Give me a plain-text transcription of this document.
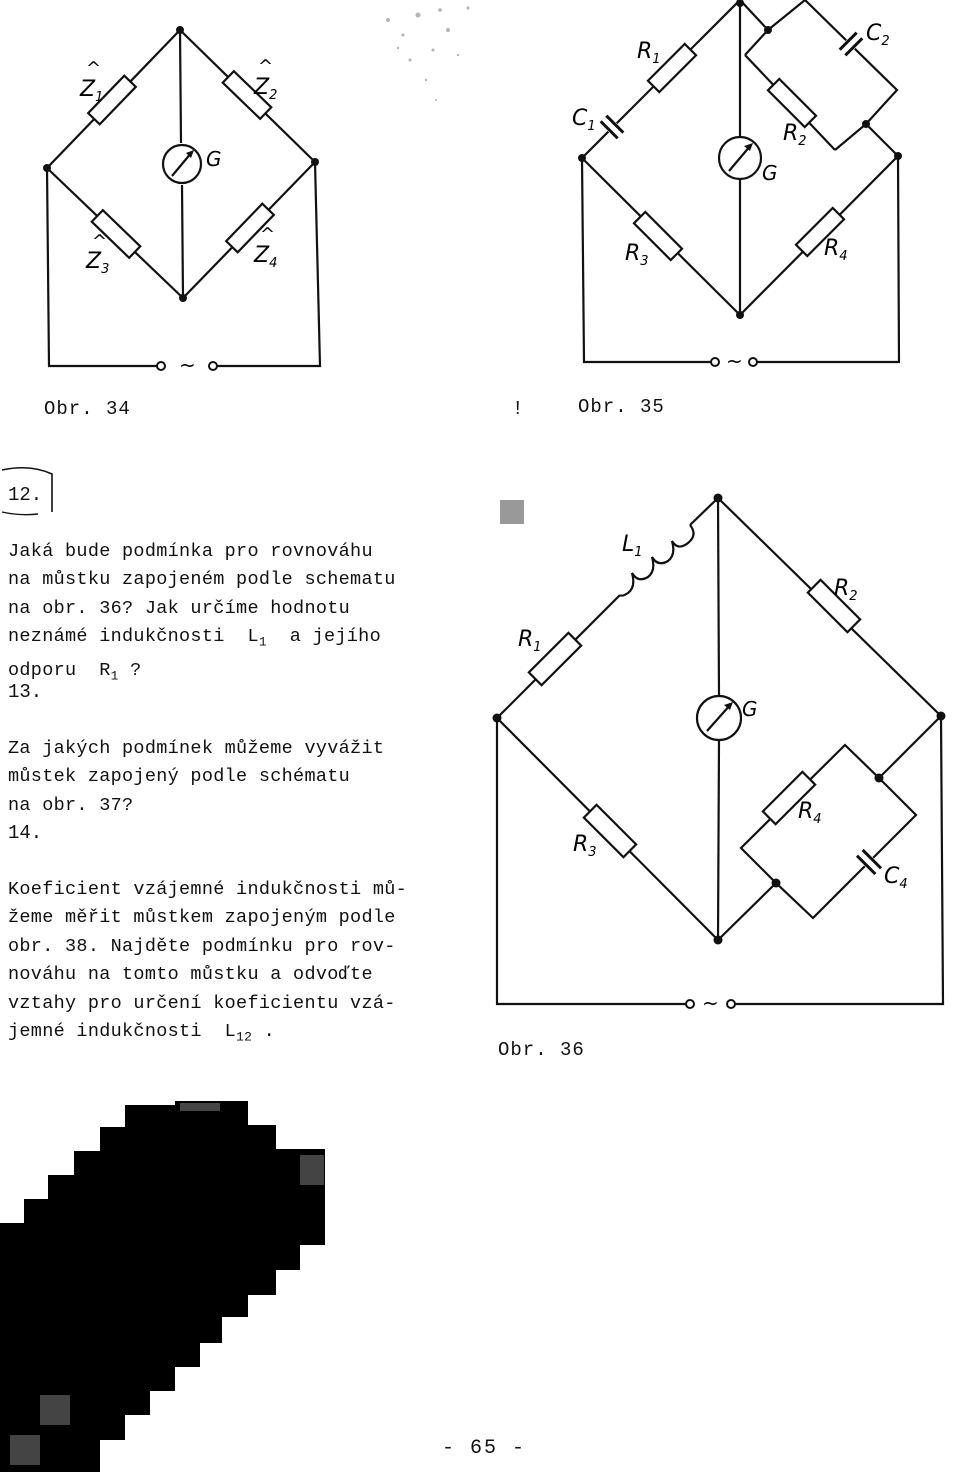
~
^
$Z_1$
^
$Z_2$
^
$Z_3$
^
$Z_4$
G
Obr. 34
~
$R_1$
$C_1$
$C_2$
$R_2$
$R_3$
$R_4$
G
!	Obr. 35
12.

Jaká bude podmínka pro rovnováhu
na můstku zapojeném podle schematu
na obr. 36? Jak určíme hodnotu
neznámé indukčnosti  $L_1$  a jejího
odporu  $R_1$ ?

13.

Za jakých podmínek můžeme vyvážit
můstek zapojený podle schématu
na obr. 37?

14.

Koeficient vzájemné indukčnosti mů-
žeme měřit můstkem zapojeným podle
obr. 38. Najděte podmínku pro rov-
nováhu na tomto můstku a odvoďte
vztahy pro určení koeficientu vzá-
jemné indukčnosti  $L_{12}$ .

~
$L_1$
$R_1$
$R_2$
$R_3$
$R_4$
$C_4$
G
Obr. 36
- 65 -
